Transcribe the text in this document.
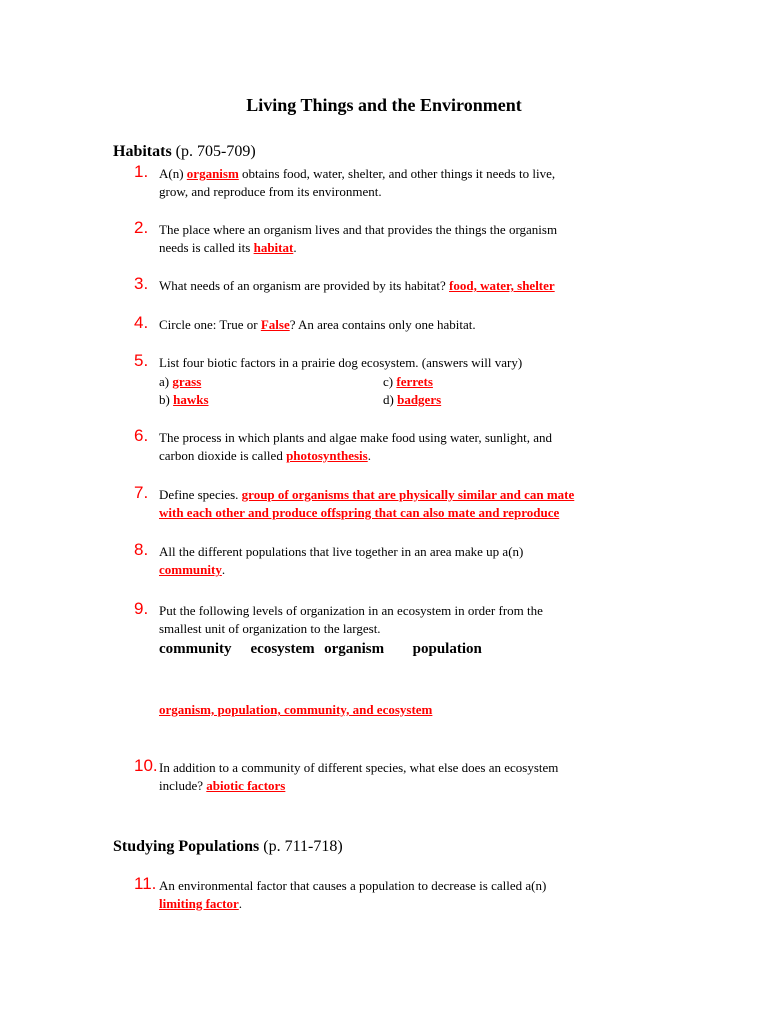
Living Things and the Environment
Habitats (p. 705-709)
1. A(n) organism obtains food, water, shelter, and other things it needs to live,
grow, and reproduce from its environment.
2. The place where an organism lives and that provides the things the organism
needs is called its habitat.
3. What needs of an organism are provided by its habitat? food, water, shelter
4. Circle one: True or False? An area contains only one habitat.
5. List four biotic factors in a prairie dog ecosystem. (answers will vary)
a) grass	c) ferrets
b) hawks	d) badgers
6. The process in which plants and algae make food using water, sunlight, and
carbon dioxide is called photosynthesis.
7. Define species. group of organisms that are physically similar and can mate
with each other and produce offspring that can also mate and reproduce
8. All the different populations that live together in an area make up a(n)
community.
9. Put the following levels of organization in an ecosystem in order from the
smallest unit of organization to the largest.
community ecosystem organism population
organism, population, community, and ecosystem
10. In addition to a community of different species, what else does an ecosystem
include? abiotic factors
Studying Populations (p. 711-718)
11. An environmental factor that causes a population to decrease is called a(n)
limiting factor.
